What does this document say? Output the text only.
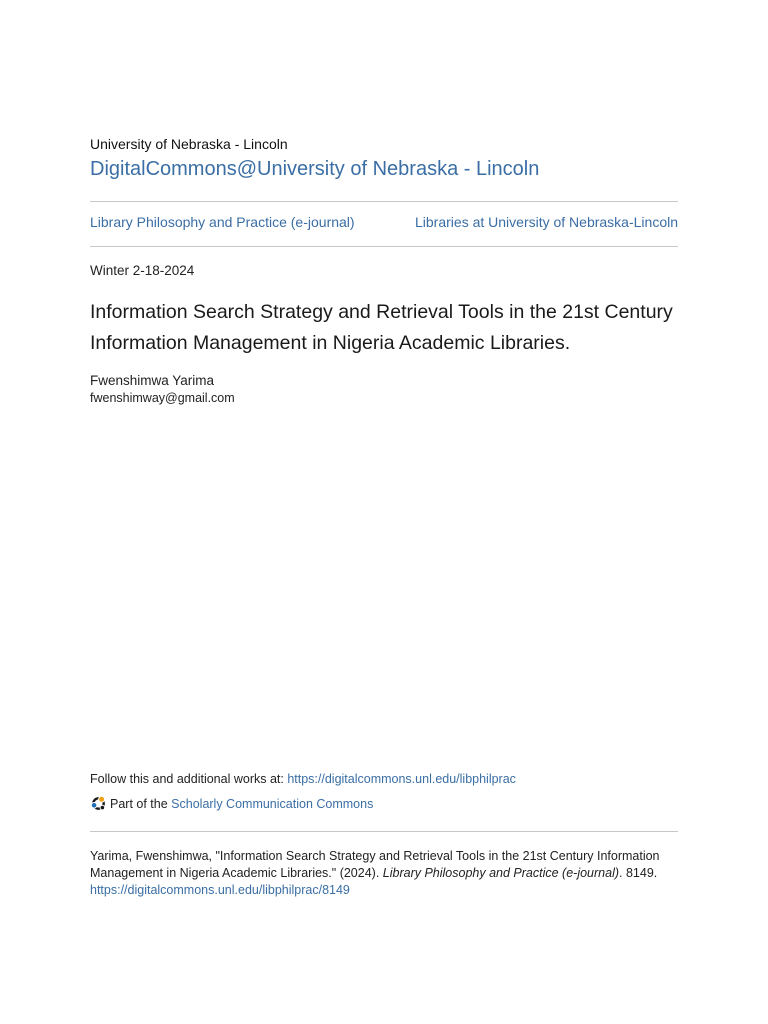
University of Nebraska - Lincoln
DigitalCommons@University of Nebraska - Lincoln
Library Philosophy and Practice (e-journal)	Libraries at University of Nebraska-Lincoln
Winter 2-18-2024
Information Search Strategy and Retrieval Tools in the 21st Century Information Management in Nigeria Academic Libraries.
Fwenshimwa Yarima
fwenshimway@gmail.com
Follow this and additional works at: https://digitalcommons.unl.edu/libphilprac
Part of the
Scholarly Communication Commons
Yarima, Fwenshimwa, "Information Search Strategy and Retrieval Tools in the 21st Century Information Management in Nigeria Academic Libraries." (2024). Library Philosophy and Practice (e-journal). 8149.
https://digitalcommons.unl.edu/libphilprac/8149
